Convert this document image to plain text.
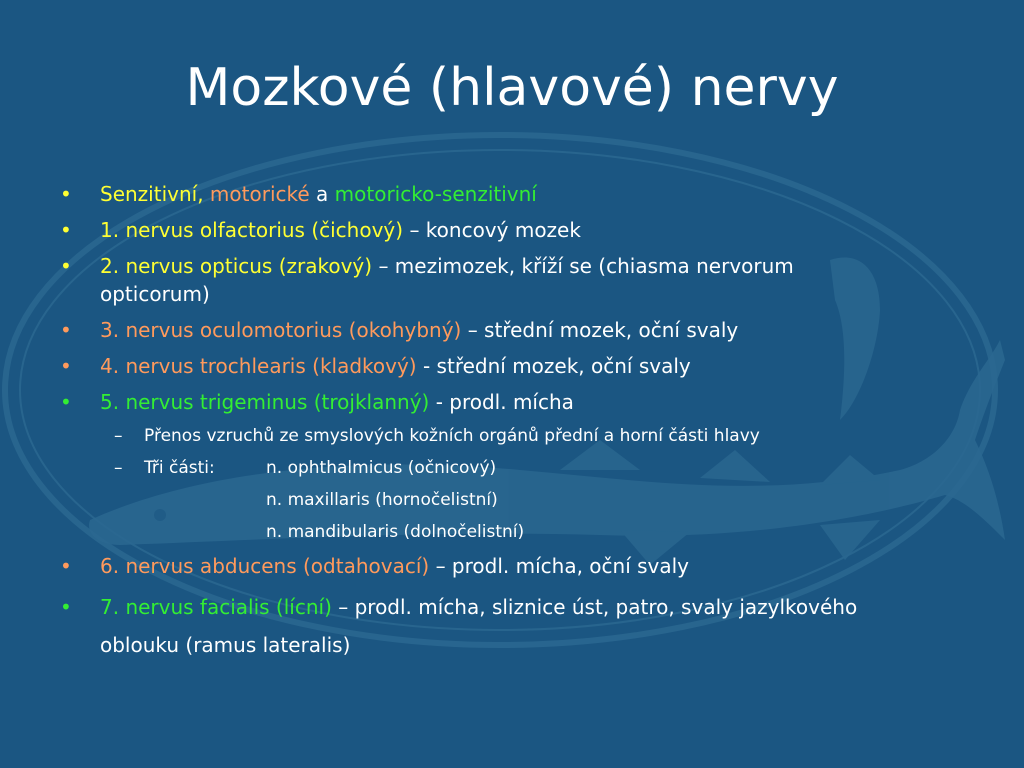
Mozkové (hlavové) nervy
• Senzitivní, motorické a motoricko-senzitivní
• 1. nervus olfactorius (čichový) – koncový mozek
• 2. nervus opticus (zrakový) – mezimozek, kříží se (chiasma nervorum
opticorum)
• 3. nervus oculomotorius (okohybný) – střední mozek, oční svaly
• 4. nervus trochlearis (kladkový) - střední mozek, oční svaly
• 5. nervus trigeminus (trojklanný) - prodl. mícha
– Přenos vzruchů ze smyslových kožních orgánů přední a horní části hlavy
– Tři části:	n. ophthalmicus (očnicový)
n. maxillaris (hornočelistní)
n. mandibularis (dolnočelistní)
• 6. nervus abducens (odtahovací) – prodl. mícha, oční svaly
• 7. nervus facialis (lícní) – prodl. mícha, sliznice úst, patro, svaly jazylkového
oblouku (ramus lateralis)
